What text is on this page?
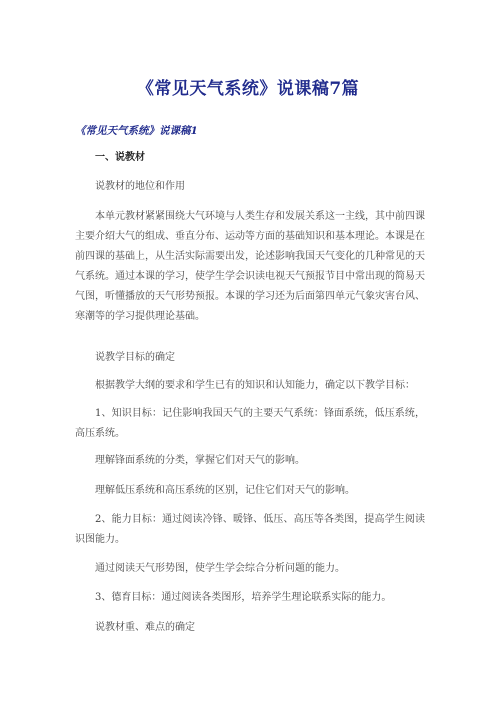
《常见天气系统》说课稿7篇
《常见天气系统》说课稿1
一、说教材
说教材的地位和作用
本单元教材紧紧围绕大气环境与人类生存和发展关系这一主线，其中前四课主要介绍大气的组成、垂直分布、运动等方面的基础知识和基本理论。本课是在前四课的基础上，从生活实际需要出发，论述影响我国天气变化的几种常见的天气系统。通过本课的学习，使学生学会识读电视天气预报节目中常出现的简易天气图，听懂播放的天气形势预报。本课的学习还为后面第四单元气象灾害台风、寒潮等的学习提供理论基础。
说教学目标的确定
根据教学大纲的要求和学生已有的知识和认知能力，确定以下教学目标：
1、知识目标：记住影响我国天气的主要天气系统：锋面系统，低压系统，高压系统。
理解锋面系统的分类，掌握它们对天气的影响。
理解低压系统和高压系统的区别，记住它们对天气的影响。
2、能力目标：通过阅读冷锋、暖锋、低压、高压等各类图，提高学生阅读识图能力。
通过阅读天气形势图，使学生学会综合分析问题的能力。
3、德育目标：通过阅读各类图形，培养学生理论联系实际的能力。
说教材重、难点的确定
